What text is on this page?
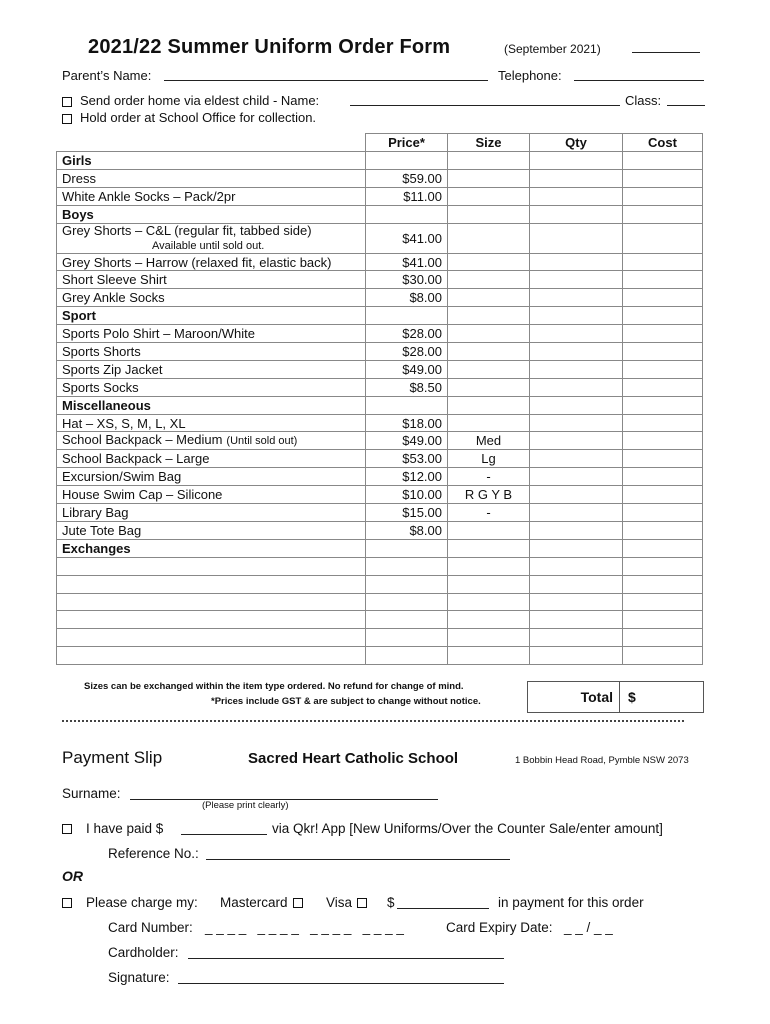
2021/22 Summer Uniform Order Form	(September 2021)
Parent’s Name:	Telephone:
Send order home via eldest child - Name:	Class:
Hold order at School Office for collection.
	Price*	Size	Qty	Cost
Girls				
Dress	$59.00			
White Ankle Socks – Pack/2pr	$11.00			
Boys				
Grey Shorts – C&L (regular fit, tabbed side)
Available until sold out.	$41.00			
Grey Shorts – Harrow (relaxed fit, elastic back)	$41.00			
Short Sleeve Shirt	$30.00			
Grey Ankle Socks	$8.00			
Sport				
Sports Polo Shirt – Maroon/White	$28.00			
Sports Shorts	$28.00			
Sports Zip Jacket	$49.00			
Sports Socks	$8.50			
Miscellaneous				
Hat – XS, S, M, L, XL	$18.00			
School Backpack – Medium (Until sold out)	$49.00	Med		
School Backpack – Large	$53.00	Lg		
Excursion/Swim Bag	$12.00	-		
House Swim Cap – Silicone	$10.00	R G Y B		
Library Bag	$15.00	-		
Jute Tote Bag	$8.00			
Exchanges				

Sizes can be exchanged within the item type ordered. No refund for change of mind.
*Prices include GST & are subject to change without notice.	Total	$
Payment Slip	Sacred Heart Catholic School	1 Bobbin Head Road, Pymble NSW 2073
Surname:
(Please print clearly)
I have paid $	via Qkr! App [New Uniforms/Over the Counter Sale/enter amount]
Reference No.:
OR
Please charge my: Mastercard	Visa	$	in payment for this order
Card Number: _ _ _ _   _ _ _ _   _ _ _ _   _ _ _ _	Card Expiry Date: _ _ / _ _
Cardholder:
Signature:
